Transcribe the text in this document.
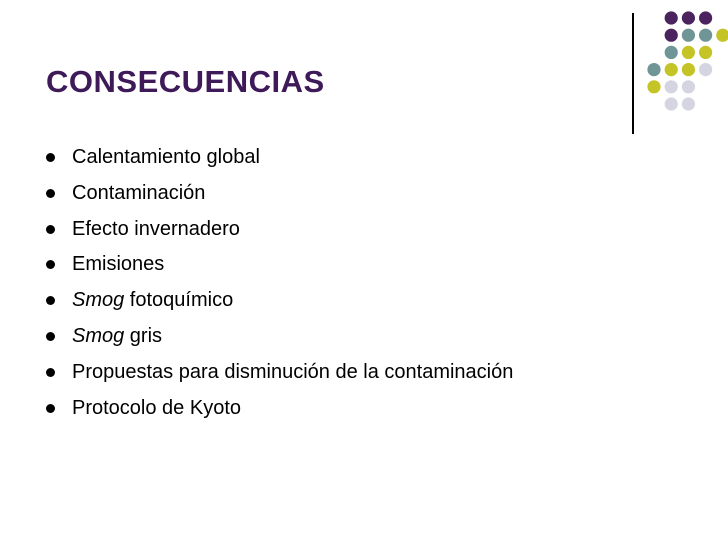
CONSECUENCIAS
Calentamiento global
Contaminación
Efecto invernadero
Emisiones
Smog fotoquímico
Smog gris
Propuestas para disminución de la contaminación
Protocolo de Kyoto
